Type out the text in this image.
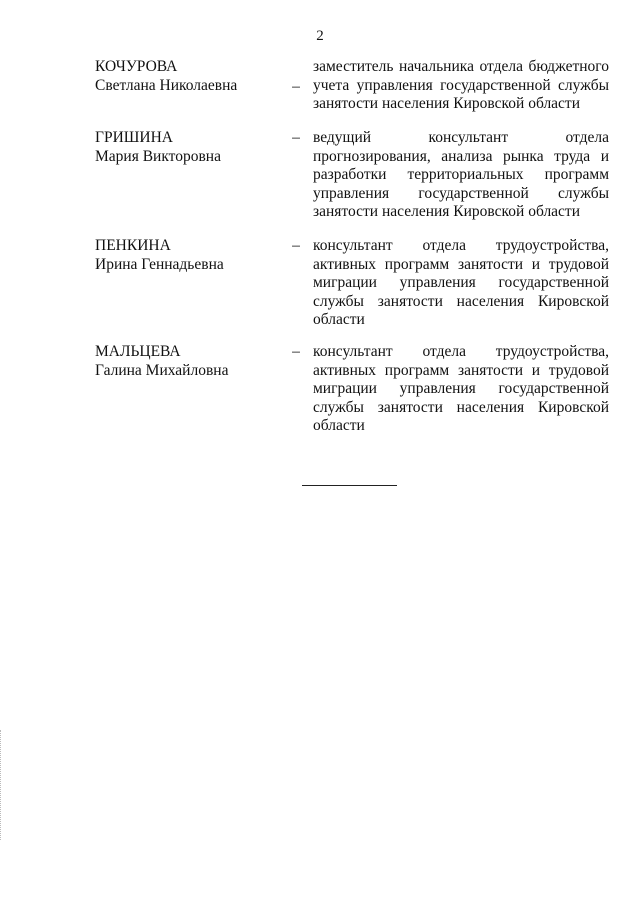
2
КОЧУРОВА
Светлана Николаевна	–
заместитель начальника отдела бюджетного
учета управления государственной службы
занятости населения Кировской области
ГРИШИНА
Мария Викторовна
– ведущий консультант отдела
прогнозирования, анализа рынка труда и
разработки территориальных программ
управления государственной службы
занятости населения Кировской области
ПЕНКИНА
Ирина Геннадьевна
– консультант отдела трудоустройства,
активных программ занятости и трудовой
миграции управления государственной
службы занятости населения Кировской
области
МАЛЬЦЕВА
Галина Михайловна
– консультант отдела трудоустройства,
активных программ занятости и трудовой
миграции управления государственной
службы занятости населения Кировской
области
